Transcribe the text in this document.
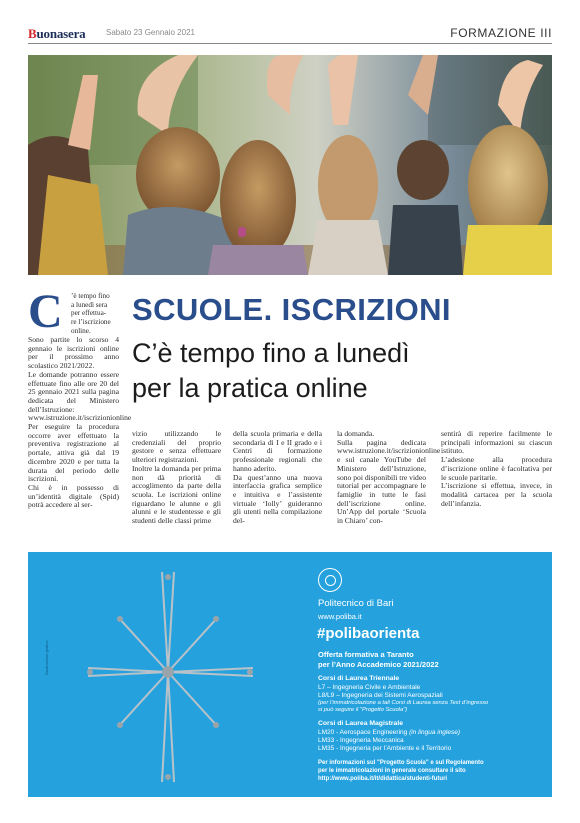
Buonasera	Sabato 23 Gennaio 2021	FORMAZIONE III
C ’è tempo fino
a lunedì sera
per effettua-
re l’iscrizione
online.
Sono partite lo scorso 4 gennaio le iscrizioni online per il prossimo anno scolastico 2021/2022.
Le domande potranno essere effettuate fino alle ore 20 del 25 gennaio 2021 sulla pagina dedicata del Ministero dell’Istruzione: www.istruzione.it/iscrizionionline
Per eseguire la procedura occorre aver effettuato la preventiva registrazione al portale, attiva già dal 19 dicembre 2020 e per tutta la durata del periodo delle iscrizioni.
Chi è in possesso di un’identità digitale (Spid) potrà accedere al ser-
SCUOLE. ISCRIZIONI
C’è tempo fino a lunedì
per la pratica online
vizio utilizzando le credenziali del proprio gestore e senza effettuare ulteriori registrazioni.
Inoltre la domanda per prima non dà priorità di accoglimento da parte della scuola. Le iscrizioni online riguardano le alunne e gli alunni e le studentesse e gli studenti delle classi prime
della scuola primaria e della secondaria di I e II grado e i Centri di formazione professionale regionali che hanno aderito.
Da quest’anno una nuova interfaccia grafica semplice e intuitiva e l’assistente virtuale ‘Iolly’ guideranno gli utenti nella compilazione del-
la domanda.
Sulla pagina dedicata www.istruzione.it/iscrizionionline e sul canale YouTube del Ministero dell’Istruzione, sono poi disponibili tre video tutorial per accompagnare le famiglie in tutte le fasi dell’iscrizione online. Un’App del portale ‘Scuola in Chiaro’ con-
sentirà di reperire facilmente le principali informazioni su ciascun istituto.
L’adesione alla procedura d’iscrizione online è facoltativa per le scuole paritarie.
L’iscrizione si effettua, invece, in modalità cartacea per la scuola dell’infanzia.
Illustrazione grafica
Politecnico di Bari
www.poliba.it
#polibaorienta
Offerta formativa a Taranto
per l’Anno Accademico 2021/2022
Corsi di Laurea Triennale
L7 – Ingegneria Civile e Ambientale
L8/L9 – Ingegneria dei Sistemi Aerospaziali
(per l’immatricolazione a tali Corsi di Laurea senza Test d’ingresso
si può seguire il "Progetto Scuola")
Corsi di Laurea Magistrale
LM20 - Aerospace Engineering (in lingua inglese)
LM33 - Ingegneria Meccanica
LM35 - Ingegneria per l’Ambiente e il Territorio
Per informazioni sul "Progetto Scuola" e sul Regolamento
per le immatricolazioni in generale consultare il sito
http://www.poliba.it/it/didattica/studenti-futuri
